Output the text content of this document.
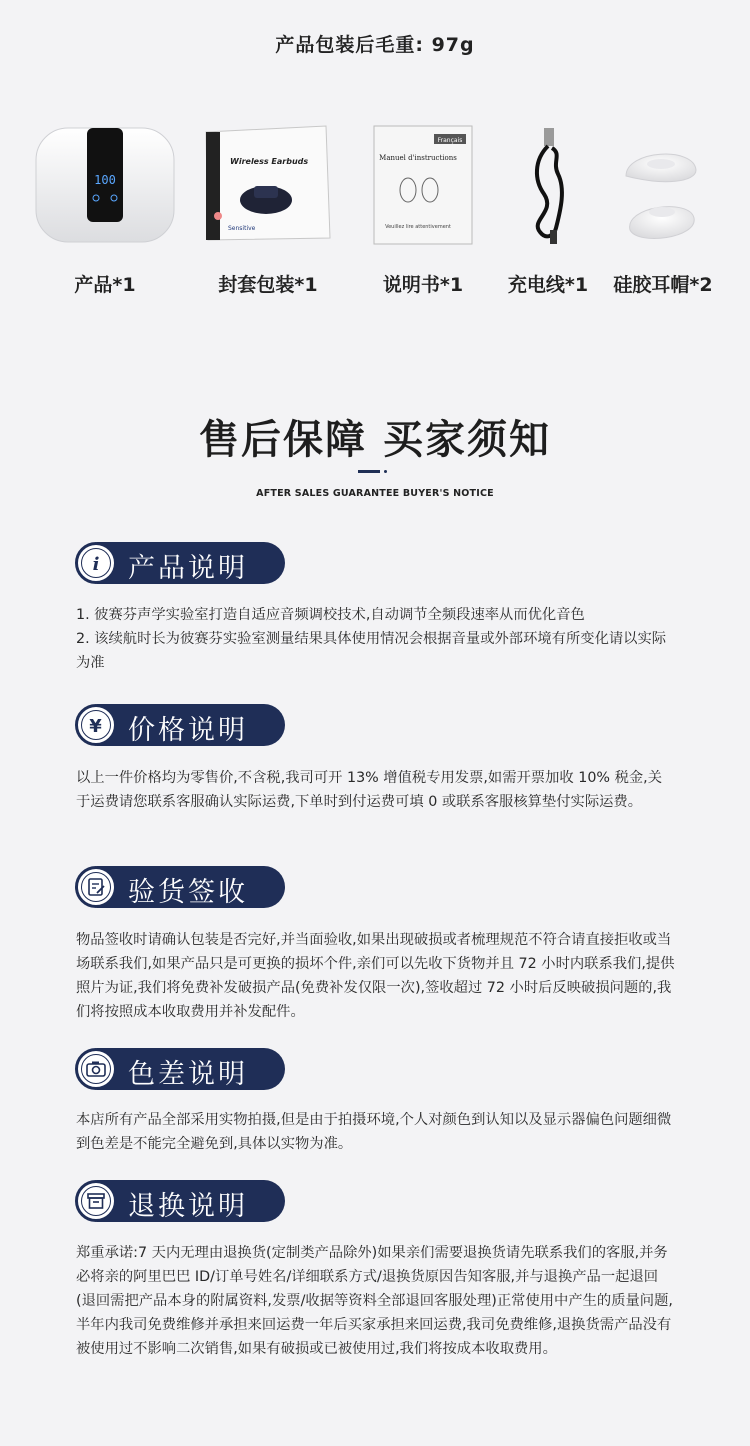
产品包装后毛重: 97g
100
产品*1
Wireless Earbuds
Sensitive
封套包装*1
Français
Manuel d'instructions
Veuillez lire attentivement
说明书*1	充电线*1	硅胶耳帽*2
售后保障 买家须知
AFTER SALES GUARANTEE BUYER'S NOTICE
i 产品说明

1. 彼赛芬声学实验室打造自适应音频调校技术,自动调节全频段速率从而优化音色

2. 该续航时长为彼赛芬实验室测量结果具体使用情况会根据音量或外部环境有所变化请以实际为准

¥ 价格说明

以上一件价格均为零售价,不含税,我司可开 13% 增值税专用发票,如需开票加收 10% 税金,关于运费请您联系客服确认实际运费,下单时到付运费可填 0 或联系客服核算垫付实际运费。

验货签收

物品签收时请确认包装是否完好,并当面验收,如果出现破损或者梳理规范不符合请直接拒收或当场联系我们,如果产品只是可更换的损坏个件,亲们可以先收下货物并且 72 小时内联系我们,提供照片为证,我们将免费补发破损产品(免费补发仅限一次),签收超过 72 小时后反映破损问题的,我们将按照成本收取费用并补发配件。

色差说明

本店所有产品全部采用实物拍摄,但是由于拍摄环境,个人对颜色到认知以及显示器偏色问题细微到色差是不能完全避免到,具体以实物为准。

退换说明

郑重承诺:7 天内无理由退换货(定制类产品除外)如果亲们需要退换货请先联系我们的客服,并务必将亲的阿里巴巴 ID/订单号姓名/详细联系方式/退换货原因告知客服,并与退换产品一起退回(退回需把产品本身的附属资料,发票/收据等资料全部退回客服处理)正常使用中产生的质量问题,半年内我司免费维修并承担来回运费一年后买家承担来回运费,我司免费维修,退换货需产品没有被使用过不影响二次销售,如果有破损或已被使用过,我们将按成本收取费用。
